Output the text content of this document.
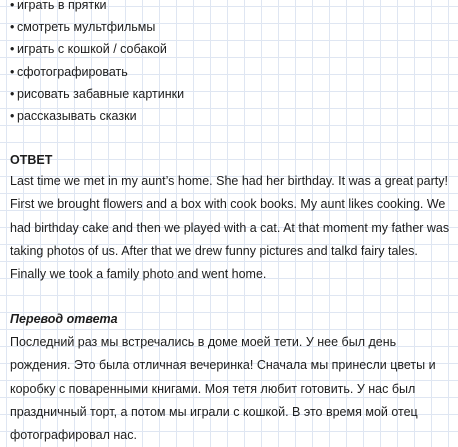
• играть в прятки
• смотреть мультфильмы
• играть с кошкой / собакой
• сфотографировать
• рисовать забавные картинки
• рассказывать сказки
ОТВЕТ

Last time we met in my aunt’s home. She had her birthday. It was a great party! First we brought flowers and a box with cook books. My aunt likes cooking. We had birthday cake and then we played with a cat. At that moment my father was taking photos of us. After that we drew funny pictures and talkd fairy tales. Finally we took a family photo and went home.

Перевод ответа

Последний раз мы встречались в доме моей тети. У нее был день рождения. Это была отличная вечеринка! Сначала мы принесли цветы и коробку с поваренными книгами. Моя тетя любит готовить. У нас был праздничный торт, а потом мы играли с кошкой. В это время мой отец фотографировал нас.
